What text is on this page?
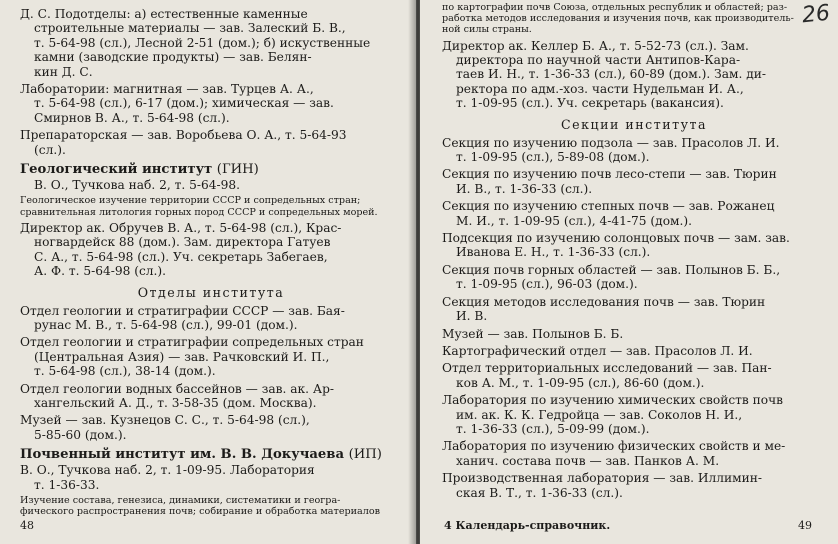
Д. С. Подотделы: а) естественные каменные
строительные материалы — зав. Залеский Б. В.,
т. 5-64-98 (сл.), Лесной 2-51 (дом.); б) искуственные
камни (заводские продукты) — зав. Белян-
кин Д. С.
Лаборатории: магнитная — зав. Турцев А. А.,
т. 5-64-98 (сл.), 6-17 (дом.); химическая — зав.
Смирнов В. А., т. 5-64-98 (сл.).
Препараторская — зав. Воробьева О. А., т. 5-64-93
(сл.).
Геологический институт (ГИН)
В. О., Тучкова наб. 2, т. 5-64-98.
Геологическое изучение территории СССР и сопредельных стран;
сравнительная литология горных пород СССР и сопредельных морей.
Директор ак. Обручев В. А., т. 5-64-98 (сл.), Крас-
ногвардейск 88 (дом.). Зам. директора Гатуев
С. А., т. 5-64-98 (сл.). Уч. секретарь Забегаев,
А. Ф. т. 5-64-98 (сл.).
Отделы института
Отдел геологии и стратиграфии СССР — зав. Бая-
рунас М. В., т. 5-64-98 (сл.), 99-01 (дом.).
Отдел геологии и стратиграфии сопредельных стран
(Центральная Азия) — зав. Рачковский И. П.,
т. 5-64-98 (сл.), 38-14 (дом.).
Отдел геологии водных бассейнов — зав. ак. Ар-
хангельский А. Д., т. 3-58-35 (дом. Москва).
Музей — зав. Кузнецов С. С., т. 5-64-98 (сл.),
5-85-60 (дом.).
Почвенный институт им. В. В. Докучаева (ИП)
В. О., Тучкова наб. 2, т. 1-09-95. Лаборатория
т. 1-36-33.
Изучение состава, генезиса, динамики, систематики и геогра-
фического распространения почв; собирание и обработка материалов
48
26
по картографии почв Союза, отдельных республик и областей; раз-
работка методов исследования и изучения почв, как производитель-
ной силы страны.
Директор ак. Келлер Б. А., т. 5-52-73 (сл.). Зам.
директора по научной части Антипов-Кара-
таев И. Н., т. 1-36-33 (сл.), 60-89 (дом.). Зам. ди-
ректора по адм.-хоз. части Нудельман И. А.,
т. 1-09-95 (сл.). Уч. секретарь (вакансия).
Секции института
Секция по изучению подзола — зав. Прасолов Л. И.
т. 1-09-95 (сл.), 5-89-08 (дом.).
Секция по изучению почв лесо-степи — зав. Тюрин
И. В., т. 1-36-33 (сл.).
Секция по изучению степных почв — зав. Рожанец
М. И., т. 1-09-95 (сл.), 4-41-75 (дом.).
Подсекция по изучению солонцовых почв — зам. зав.
Иванова Е. Н., т. 1-36-33 (сл.).
Секция почв горных областей — зав. Полынов Б. Б.,
т. 1-09-95 (сл.), 96-03 (дом.).
Секция методов исследования почв — зав. Тюрин
И. В.
Музей — зав. Полынов Б. Б.
Картографический отдел — зав. Прасолов Л. И.
Отдел территориальных исследований — зав. Пан-
ков А. М., т. 1-09-95 (сл.), 86-60 (дом.).
Лаборатория по изучению химических свойств почв
им. ак. К. К. Гедройца — зав. Соколов Н. И.,
т. 1-36-33 (сл.), 5-09-99 (дом.).
Лаборатория по изучению физических свойств и ме-
ханич. состава почв — зав. Панков А. М.
Производственная лаборатория — зав. Иллимин-
ская В. Т., т. 1-36-33 (сл.).
4 Календарь-справочник.	49
